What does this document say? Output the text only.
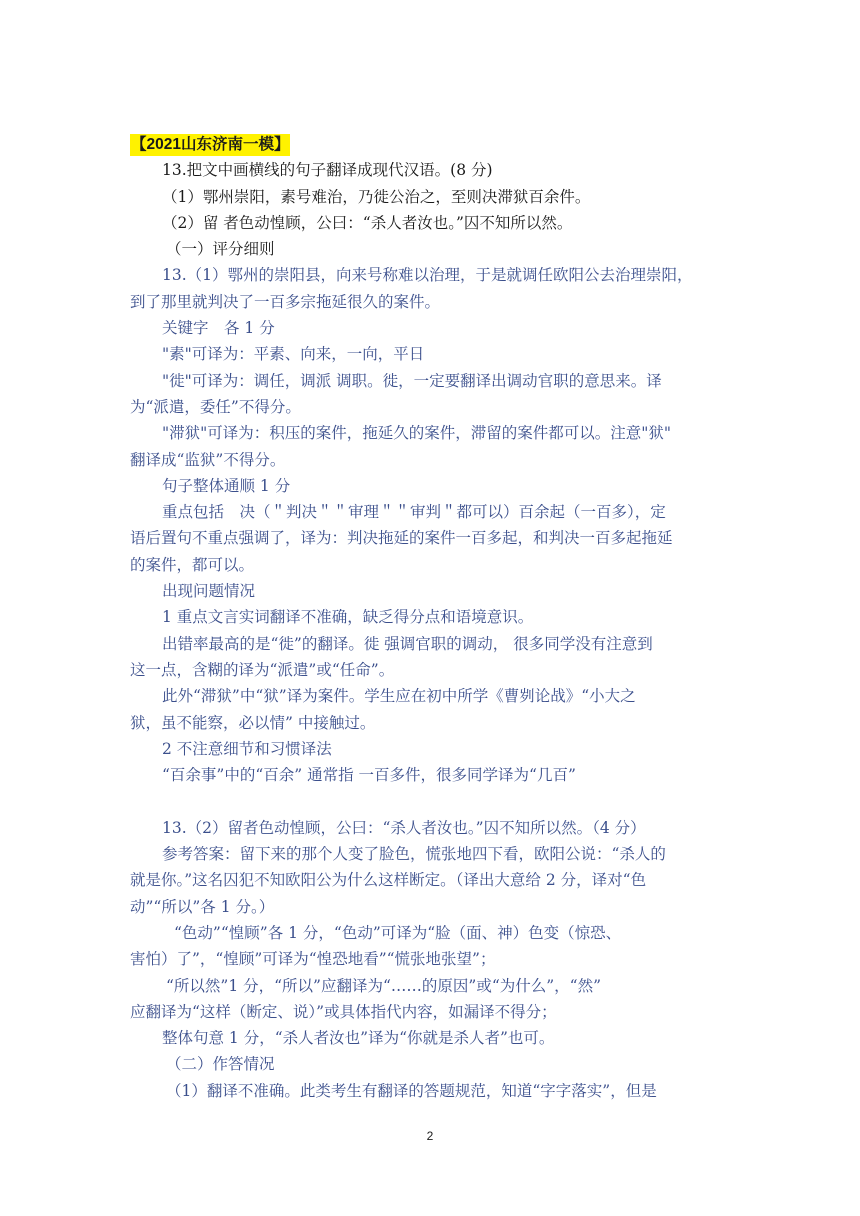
【2021山东济南一模】
13.把文中画横线的句子翻译成现代汉语。(8 分)
（1）鄂州崇阳，素号难治，乃徙公治之，至则决滞狱百余件。
（2）留 者色动惶顾，公曰：“杀人者汝也。”囚不知所以然。
（一）评分细则
13.（1）鄂州的崇阳县，向来号称难以治理，于是就调任欧阳公去治理崇阳，
到了那里就判决了一百多宗拖延很久的案件。
关键字　各 1 分
"素"可译为：平素、向来，一向，平日
"徙"可译为：调任，调派 调职。徙，一定要翻译出调动官职的意思来。译
为“派遣，委任”不得分。
"滞狱"可译为：积压的案件，拖延久的案件，滞留的案件都可以。注意"狱"
翻译成“监狱”不得分。
句子整体通顺 1 分
重点包括　决（＂判决＂＂审理＂＂审判＂都可以）百余起（一百多），定
语后置句不重点强调了，译为：判决拖延的案件一百多起，和判决一百多起拖延
的案件，都可以。
出现问题情况
1 重点文言实词翻译不准确，缺乏得分点和语境意识。
出错率最高的是“徙”的翻译。徙 强调官职的调动， 很多同学没有注意到
这一点，含糊的译为“派遣”或“任命”。
此外“滞狱”中“狱”译为案件。学生应在初中所学《曹刿论战》“小大之
狱，虽不能察，必以情” 中接触过。
2 不注意细节和习惯译法
“百余事”中的“百余” 通常指 一百多件，很多同学译为“几百”
13.（2）留者色动惶顾，公曰：“杀人者汝也。”囚不知所以然。（4 分）
参考答案：留下来的那个人变了脸色，慌张地四下看，欧阳公说：“杀人的
就是你。”这名囚犯不知欧阳公为什么这样断定。（译出大意给 2 分，译对“色
动”“所以”各 1 分。）
“色动”“惶顾”各 1 分，“色动”可译为“脸（面、神）色变（惊恐、
害怕）了”，“惶顾”可译为“惶恐地看”“慌张地张望”；
“所以然”1 分，“所以”应翻译为“……的原因”或“为什么”，“然”
应翻译为“这样（断定、说）”或具体指代内容，如漏译不得分；
整体句意 1 分，“杀人者汝也”译为“你就是杀人者”也可。
（二）作答情况
（1）翻译不准确。此类考生有翻译的答题规范，知道“字字落实”，但是
2
